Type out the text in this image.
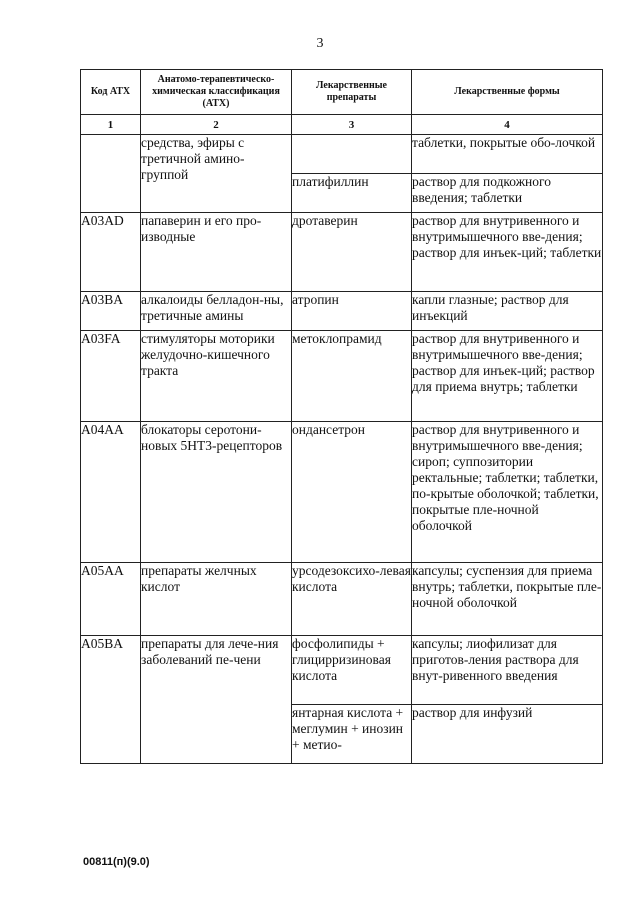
3
Код АТХ	Анатомо-терапевтическо-химическая классификация (АТХ)	Лекарственные препараты	Лекарственные формы
1	2	3	4
	средства, эфиры с третичной амино-группой		таблетки, покрытые обо-лочкой
		платифиллин	раствор для подкожного введения; таблетки
A03AD	папаверин и его про-изводные	дротаверин	раствор для внутривенного и внутримышечного вве-дения; раствор для инъек-ций; таблетки
A03BA	алкалоиды белладон-ны, третичные амины	атропин	капли глазные; раствор для инъекций
A03FA	стимуляторы моторики желудочно-кишечного тракта	метоклопрамид	раствор для внутривенного и внутримышечного вве-дения; раствор для инъек-ций; раствор для приема внутрь; таблетки
A04AA	блокаторы серотони-новых 5HT3-рецепторов	ондансетрон	раствор для внутривенного и внутримышечного вве-дения; сироп; суппозитории ректальные; таблетки; таблетки, по-крытые оболочкой; таблетки, покрытые пле-ночной оболочкой
A05AA	препараты желчных кислот	урсодезоксихо-левая кислота	капсулы; суспензия для приема внутрь; таблетки, покрытые пле-ночной оболочкой
A05BA	препараты для лече-ния заболеваний пе-чени	фосфолипиды + глицирризиновая кислота	капсулы; лиофилизат для приготов-ления раствора для внут-ривенного введения
		янтарная кислота + меглумин + инозин + метио-	раствор для инфузий
00811(п)(9.0)
